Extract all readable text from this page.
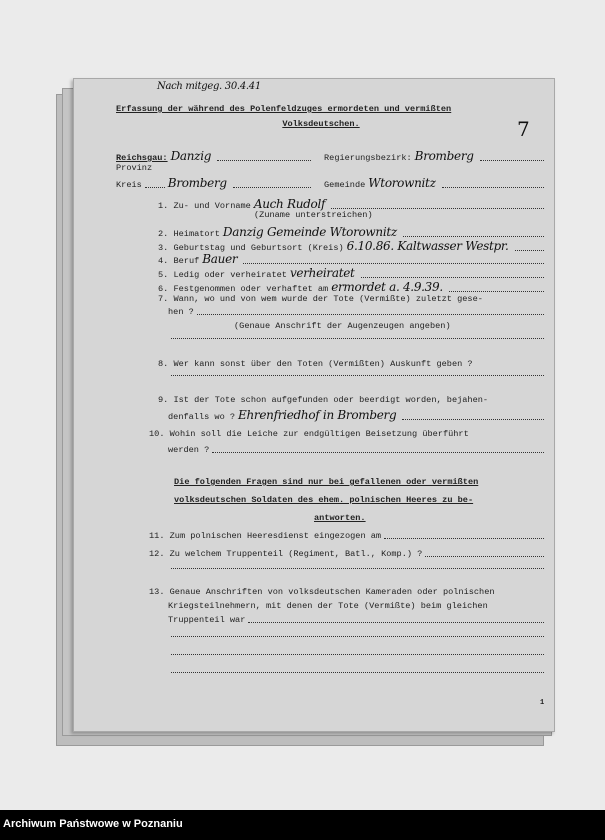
Nach mitgeg. 30.4.41
7
Erfassung der während des Polenfeldzuges ermordeten und vermißten
Volksdeutschen.
Reichsgau: Danzig	Regierungsbezirk: Bromberg
Provinz
Kreis Bromberg	Gemeinde Wtorownitz
1. Zu- und Vorname Auch Rudolf
(Zuname unterstreichen)
2. Heimatort Danzig Gemeinde Wtorownitz
3. Geburtstag und Geburtsort (Kreis) 6.10.86. Kaltwasser Westpr.
4. Beruf Bauer
5. Ledig oder verheiratet verheiratet
6. Festgenommen oder verhaftet am ermordet a. 4.9.39.
7. Wann, wo und von wem wurde der Tote (Vermißte) zuletzt gese-
hen ?
(Genaue Anschrift der Augenzeugen angeben)
8. Wer kann sonst über den Toten (Vermißten) Auskunft geben ?
9. Ist der Tote schon aufgefunden oder beerdigt worden, bejahen-
denfalls wo ? Ehrenfriedhof in Bromberg
10. Wohin soll die Leiche zur endgültigen Beisetzung überführt
werden ?
Die folgenden Fragen sind nur bei gefallenen oder vermißten
volksdeutschen Soldaten des ehem. polnischen Heeres zu be-
antworten.
11. Zum polnischen Heeresdienst eingezogen am
12. Zu welchem Truppenteil (Regiment, Batl., Komp.) ?
13. Genaue Anschriften von volksdeutschen Kameraden oder polnischen
Kriegsteilnehmern, mit denen der Tote (Vermißte) beim gleichen
Truppenteil war
1
Archiwum Państwowe w Poznaniu
